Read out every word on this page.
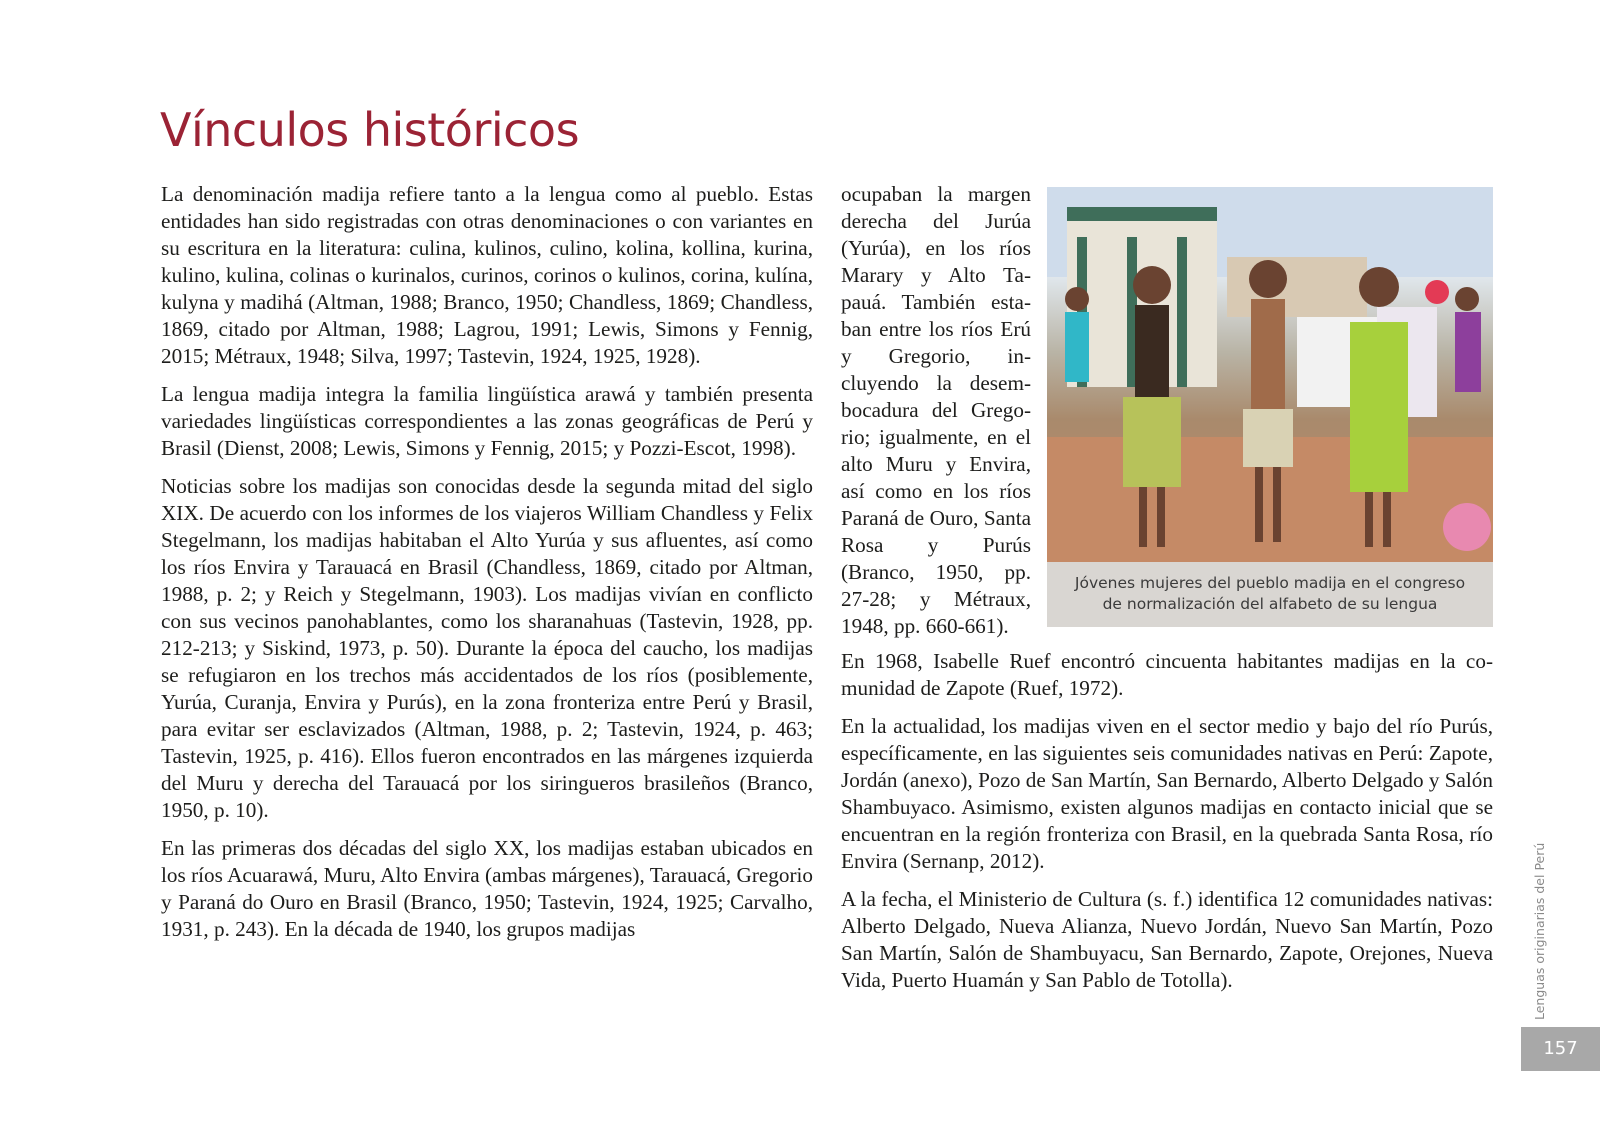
Vínculos históricos

La denominación madija refiere tanto a la lengua como al pueblo. Estas entidades han sido registradas con otras denominaciones o con variantes en su escritura en la literatura: culina, kulinos, culino, kolina, kollina, kurina, kulino, kulina, colinas o kurinalos, curinos, corinos o kulinos, corina, kulína, kulyna y madihá (Altman, 1988; Branco, 1950; Chandless, 1869; Chandless, 1869, citado por Altman, 1988; Lagrou, 1991; Lewis, Simons y Fennig, 2015; Métraux, 1948; Silva, 1997; Tastevin, 1924, 1925, 1928).

La lengua madija integra la familia lingüística arawá y también presenta variedades lingüísticas correspondientes a las zonas geográficas de Perú y Brasil (Dienst, 2008; Lewis, Simons y Fennig, 2015; y Pozzi-Escot, 1998).

Noticias sobre los madijas son conocidas desde la segunda mitad del siglo XIX. De acuerdo con los informes de los viajeros William Chandless y Felix Stegelmann, los madijas habitaban el Alto Yurúa y sus afluentes, así como los ríos Envira y Tarauacá en Brasil (Chandless, 1869, citado por Altman, 1988, p. 2; y Reich y Stegelmann, 1903). Los madijas vivían en conflicto con sus vecinos panohablantes, como los sharanahuas (Tastevin, 1928, pp. 212-213; y Siskind, 1973, p. 50). Durante la época del caucho, los madijas se refugiaron en los trechos más accidentados de los ríos (posiblemente, Yurúa, Curanja, Envira y Purús), en la zona fronteriza entre Perú y Brasil, para evitar ser esclavizados (Altman, 1988, p. 2; Tastevin, 1924, p. 463; Tastevin, 1925, p. 416). Ellos fueron encontrados en las márgenes izquierda del Muru y derecha del Tarauacá por los siringueros brasileños (Branco, 1950, p. 10).

En las primeras dos décadas del siglo XX, los madijas estaban ubicados en los ríos Acuarawá, Muru, Alto Envira (ambas márgenes), Tarauacá, Gregorio y Paraná do Ouro en Brasil (Branco, 1950; Tastevin, 1924, 1925; Carvalho, 1931, p. 243). En la década de 1940, los grupos madijas

ocupaban la margen derecha del Jurúa (Yurúa), en los ríos Marary y Alto Tapauá. También estaban entre los ríos Erú y Gregorio, incluyendo la desembocadura del Gregorio; igualmente, en el alto Muru y Envira, así como en los ríos Paraná de Ouro, Santa Rosa y Purús (Branco, 1950, pp. 27-28; y Métraux, 1948, pp. 660-661).

Jóvenes mujeres del pueblo madija en el congreso
de normalización del alfabeto de su lengua

En 1968, Isabelle Ruef encontró cincuenta habitantes madijas en la comunidad de Zapote (Ruef, 1972).

En la actualidad, los madijas viven en el sector medio y bajo del río Purús, específicamente, en las siguientes seis comunidades nativas en Perú: Zapote, Jordán (anexo), Pozo de San Martín, San Bernardo, Alberto Delgado y Salón Shambuyaco. Asimismo, existen algunos madijas en contacto inicial que se encuentran en la región fronteriza con Brasil, en la quebrada Santa Rosa, río Envira (Sernanp, 2012).

A la fecha, el Ministerio de Cultura (s. f.) identifica 12 comunidades nativas: Alberto Delgado, Nueva Alianza, Nuevo Jordán, Nuevo San Martín, Pozo San Martín, Salón de Shambuyacu, San Bernardo, Zapote, Orejones, Nueva Vida, Puerto Huamán y San Pablo de Totolla).	Lenguas originarias del Perú

157
